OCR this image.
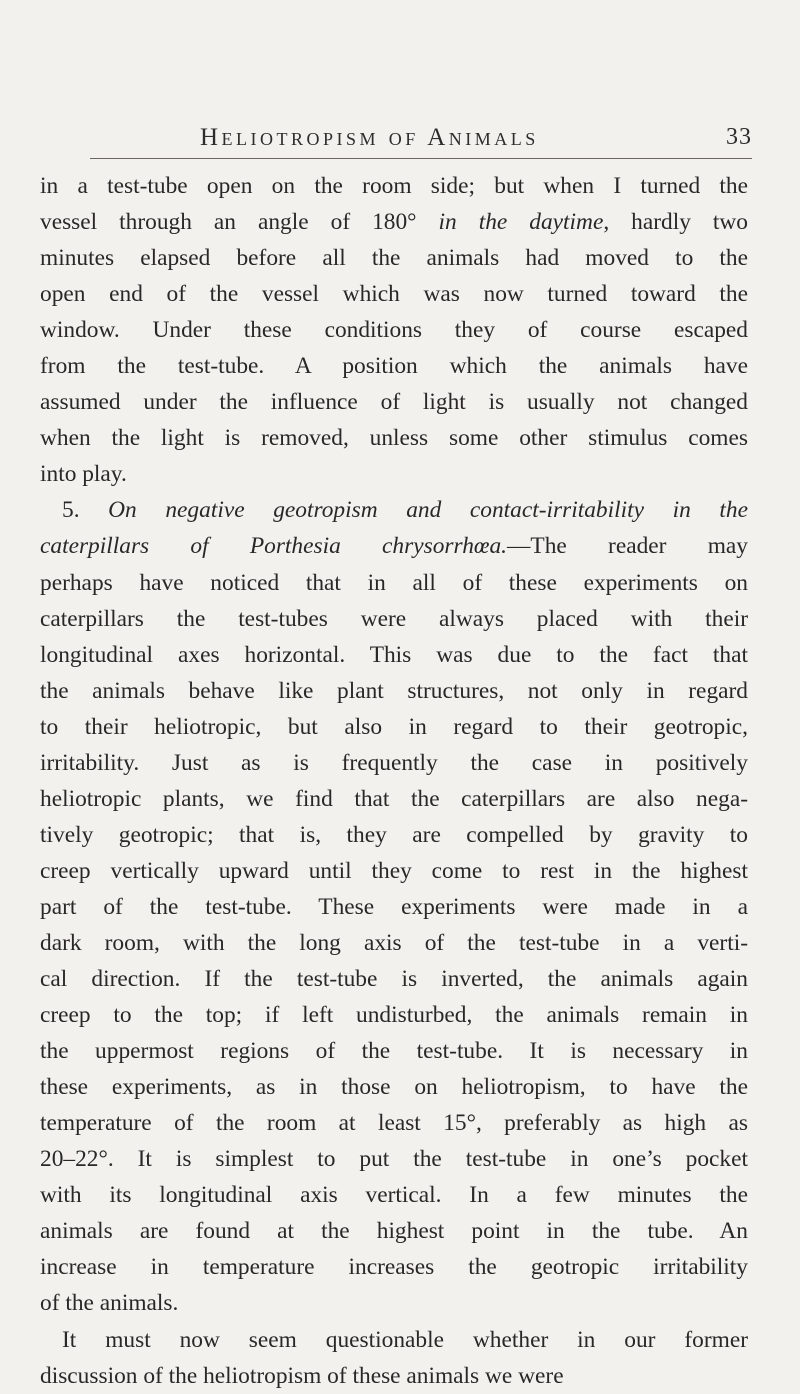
Heliotropism of Animals	33
in a test-tube open on the room side; but when I turned the
vessel through an angle of 180° in the daytime, hardly two
minutes elapsed before all the animals had moved to the
open end of the vessel which was now turned toward the
window. Under these conditions they of course escaped
from the test-tube. A position which the animals have
assumed under the influence of light is usually not changed
when the light is removed, unless some other stimulus comes
into play.
5. On negative geotropism and contact-irritability in the
caterpillars of Porthesia chrysorrhœa.—The reader may
perhaps have noticed that in all of these experiments on
caterpillars the test-tubes were always placed with their
longitudinal axes horizontal. This was due to the fact that
the animals behave like plant structures, not only in regard
to their heliotropic, but also in regard to their geotropic,
irritability. Just as is frequently the case in positively
heliotropic plants, we find that the caterpillars are also nega-
tively geotropic; that is, they are compelled by gravity to
creep vertically upward until they come to rest in the highest
part of the test-tube. These experiments were made in a
dark room, with the long axis of the test-tube in a verti-
cal direction. If the test-tube is inverted, the animals again
creep to the top; if left undisturbed, the animals remain in
the uppermost regions of the test-tube. It is necessary in
these experiments, as in those on heliotropism, to have the
temperature of the room at least 15°, preferably as high as
20–22°. It is simplest to put the test-tube in one’s pocket
with its longitudinal axis vertical. In a few minutes the
animals are found at the highest point in the tube. An
increase in temperature increases the geotropic irritability
of the animals.
It must now seem questionable whether in our former
discussion of the heliotropism of these animals we were
